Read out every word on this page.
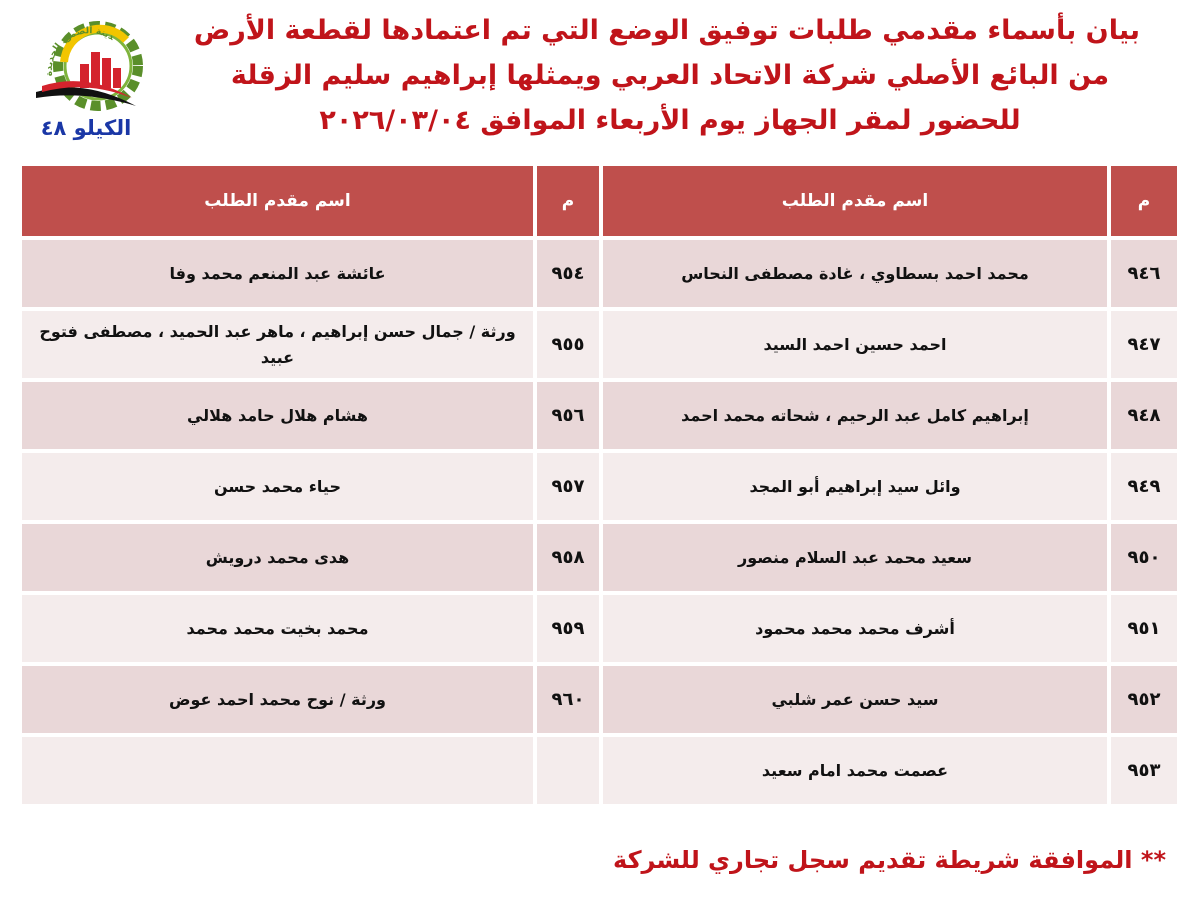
دينة الصمود الجديدة
الكيلو ٤٨
بيان بأسماء مقدمي طلبات توفيق الوضع التي تم اعتمادها لقطعة الأرض
من البائع الأصلي شركة الاتحاد العربي ويمثلها إبراهيم سليم الزقلة
للحضور لمقر الجهاز يوم الأربعاء الموافق ٢٠٢٦/٠٣/٠٤
م	اسم مقدم الطلب	م	اسم مقدم الطلب
٩٤٦	محمد احمد بسطاوي ، غادة مصطفى النحاس	٩٥٤	عائشة عبد المنعم محمد وفا
٩٤٧	احمد حسين احمد السيد	٩٥٥	ورثة / جمال حسن إبراهيم ، ماهر عبد الحميد ، مصطفى فتوح عبيد
٩٤٨	إبراهيم كامل عبد الرحيم ، شحاته محمد احمد	٩٥٦	هشام هلال حامد هلالي
٩٤٩	وائل سيد إبراهيم أبو المجد	٩٥٧	حياء محمد حسن
٩٥٠	سعيد محمد عبد السلام منصور	٩٥٨	هدى محمد درويش
٩٥١	أشرف محمد محمد محمود	٩٥٩	محمد بخيت محمد محمد
٩٥٢	سيد حسن عمر شلبي	٩٦٠	ورثة / نوح محمد احمد عوض
٩٥٣	عصمت محمد امام سعيد		
** الموافقة شريطة تقديم سجل تجاري للشركة
